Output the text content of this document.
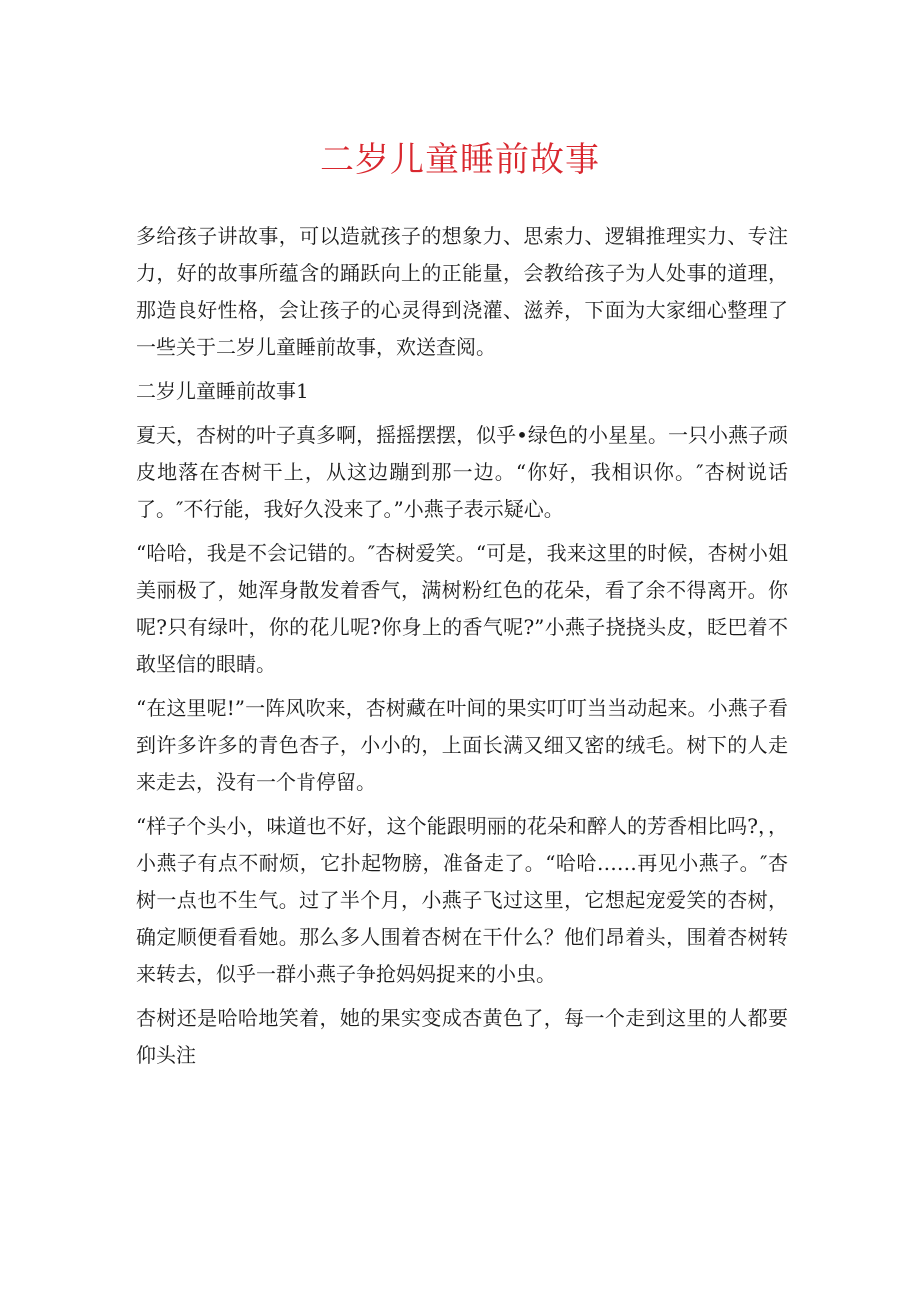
二岁儿童睡前故事

多给孩子讲故事，可以造就孩子的想象力、思索力、逻辑推理实力、专注力，好的故事所蕴含的踊跃向上的正能量，会教给孩子为人处事的道理，那造良好性格，会让孩子的心灵得到浇灌、滋养，下面为大家细心整理了一些关于二岁儿童睡前故事，欢送查阅。

二岁儿童睡前故事1

夏天，杏树的叶子真多啊，摇摇摆摆，似乎•绿色的小星星。一只小燕子顽皮地落在杏树干上，从这边蹦到那一边。“你好，我相识你。″杏树说话了。″不行能，我好久没来了。”小燕子表示疑心。

“哈哈，我是不会记错的。″杏树爱笑。“可是，我来这里的时候，杏树小姐美丽极了，她浑身散发着香气，满树粉红色的花朵，看了余不得离开。你呢?只有绿叶，你的花儿呢?你身上的香气呢?”小燕子挠挠头皮，眨巴着不敢坚信的眼睛。

“在这里呢!”一阵风吹来，杏树藏在叶间的果实叮叮当当动起来。小燕子看到许多许多的青色杏子，小小的，上面长满又细又密的绒毛。树下的人走来走去，没有一个肯停留。

“样子个头小，味道也不好，这个能跟明丽的花朵和醉人的芳香相比吗?，，小燕子有点不耐烦，它扑起物膀，准备走了。“哈哈……再见小燕子。″杏树一点也不生气。过了半个月，小燕子飞过这里，它想起宠爱笑的杏树，确定顺便看看她。那么多人围着杏树在干什么？他们昂着头，围着杏树转来转去，似乎一群小燕子争抢妈妈捉来的小虫。

杏树还是哈哈地笑着，她的果实变成杏黄色了，每一个走到这里的人都要仰头注
